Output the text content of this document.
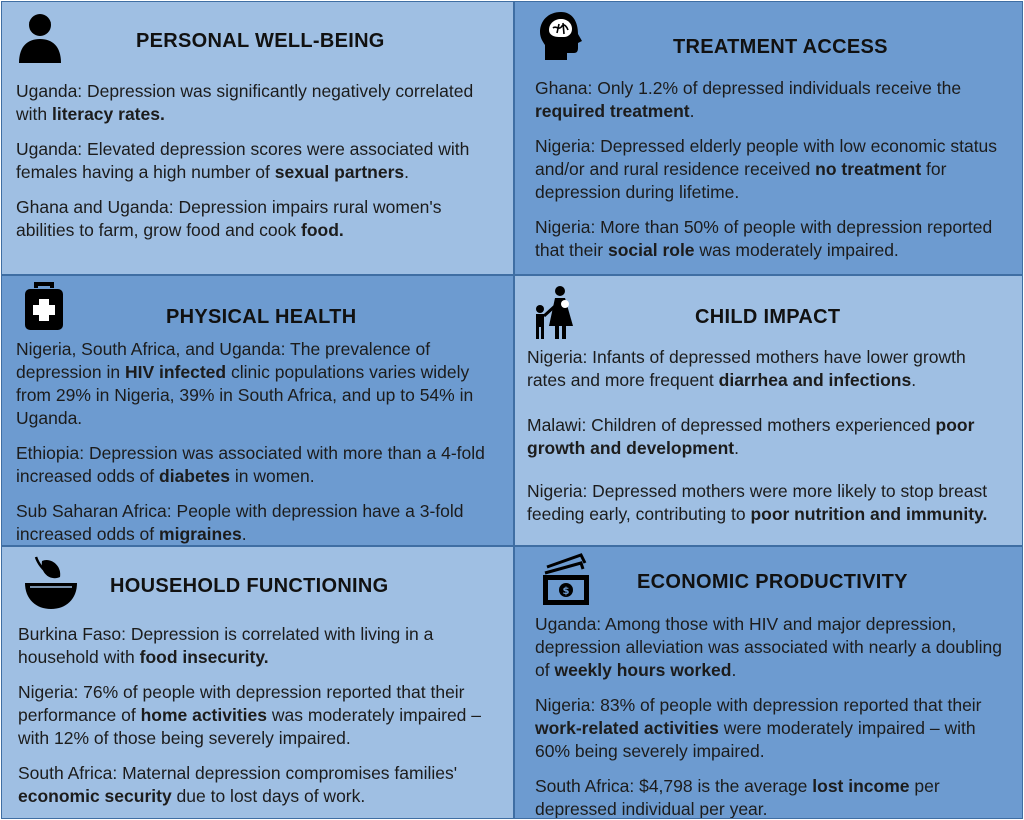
PERSONAL WELL-BEING

Uganda: Depression was significantly negatively correlated with literacy rates.

Uganda: Elevated depression scores were associated with females having a high number of sexual partners.

Ghana and Uganda: Depression impairs rural women's abilities to farm, grow food and cook food.

TREATMENT ACCESS

Ghana: Only 1.2% of depressed individuals receive the required treatment.

Nigeria: Depressed elderly people with low economic status and/or and rural residence received no treatment for depression during lifetime.

Nigeria: More than 50% of people with depression reported that their social role was moderately impaired.

PHYSICAL HEALTH

Nigeria, South Africa, and Uganda: The prevalence of depression in HIV infected clinic populations varies widely from 29% in Nigeria, 39% in South Africa, and up to 54% in Uganda.

Ethiopia: Depression was associated with more than a 4-fold increased odds of diabetes in women.

Sub Saharan Africa: People with depression have a 3-fold increased odds of migraines.

CHILD IMPACT

Nigeria: Infants of depressed mothers have lower growth rates and more frequent diarrhea and infections.

Malawi: Children of depressed mothers experienced poor growth and development.

Nigeria: Depressed mothers were more likely to stop breast feeding early, contributing to poor nutrition and immunity.

HOUSEHOLD FUNCTIONING

Burkina Faso: Depression is correlated with living in a household with food insecurity.

Nigeria: 76% of people with depression reported that their performance of home activities was moderately impaired – with 12% of those being severely impaired.

South Africa: Maternal depression compromises families' economic security due to lost days of work.

$	ECONOMIC PRODUCTIVITY

Uganda: Among those with HIV and major depression, depression alleviation was associated with nearly a doubling of weekly hours worked.

Nigeria: 83% of people with depression reported that their work-related activities were moderately impaired – with 60% being severely impaired.

South Africa: $4,798 is the average lost income per depressed individual per year.
